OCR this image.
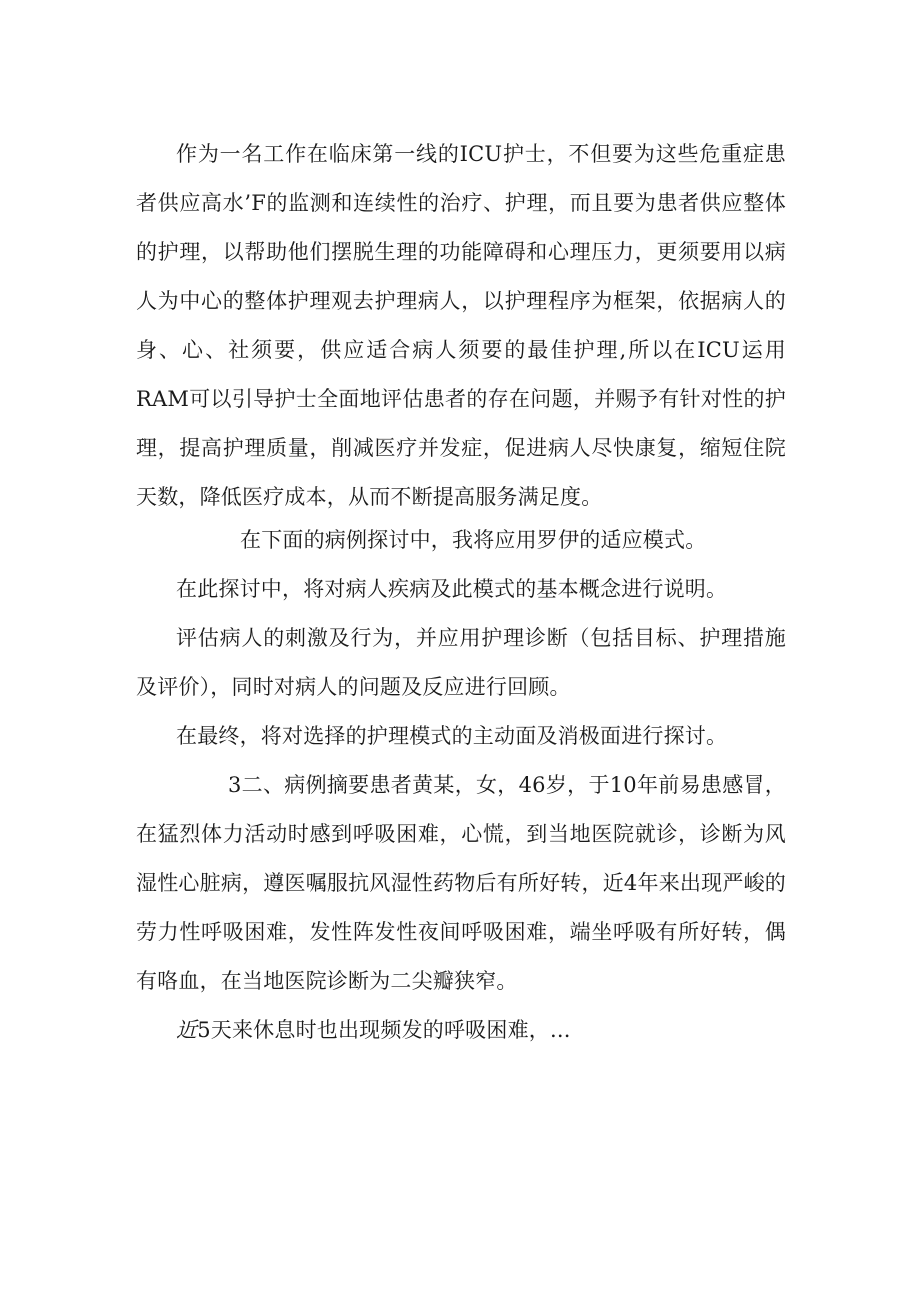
作为一名工作在临床第一线的ICU护士，不但要为这些危重症患者供应高水’F的监测和连续性的治疗、护理，而且要为患者供应整体的护理，以帮助他们摆脱生理的功能障碍和心理压力，更须要用以病人为中心的整体护理观去护理病人，以护理程序为框架，依据病人的身、心、社须要，供应适合病人须要的最佳护理,所以在ICU运用RAM可以引导护士全面地评估患者的存在问题，并赐予有针对性的护理，提高护理质量，削减医疗并发症，促进病人尽快康复，缩短住院天数，降低医疗成本，从而不断提高服务满足度。

在下面的病例探讨中，我将应用罗伊的适应模式。

在此探讨中，将对病人疾病及此模式的基本概念进行说明。

评估病人的刺激及行为，并应用护理诊断（包括目标、护理措施及评价），同时对病人的问题及反应进行回顾。

在最终，将对选择的护理模式的主动面及消极面进行探讨。

3二、病例摘要患者黄某，女，46岁，于10年前易患感冒，在猛烈体力活动时感到呼吸困难，心慌，到当地医院就诊，诊断为风湿性心脏病，遵医嘱服抗风湿性药物后有所好转，近4年来出现严峻的劳力性呼吸困难，发性阵发性夜间呼吸困难，端坐呼吸有所好转，偶有咯血，在当地医院诊断为二尖瓣狭窄。

近5天来休息时也出现频发的呼吸困难，...
